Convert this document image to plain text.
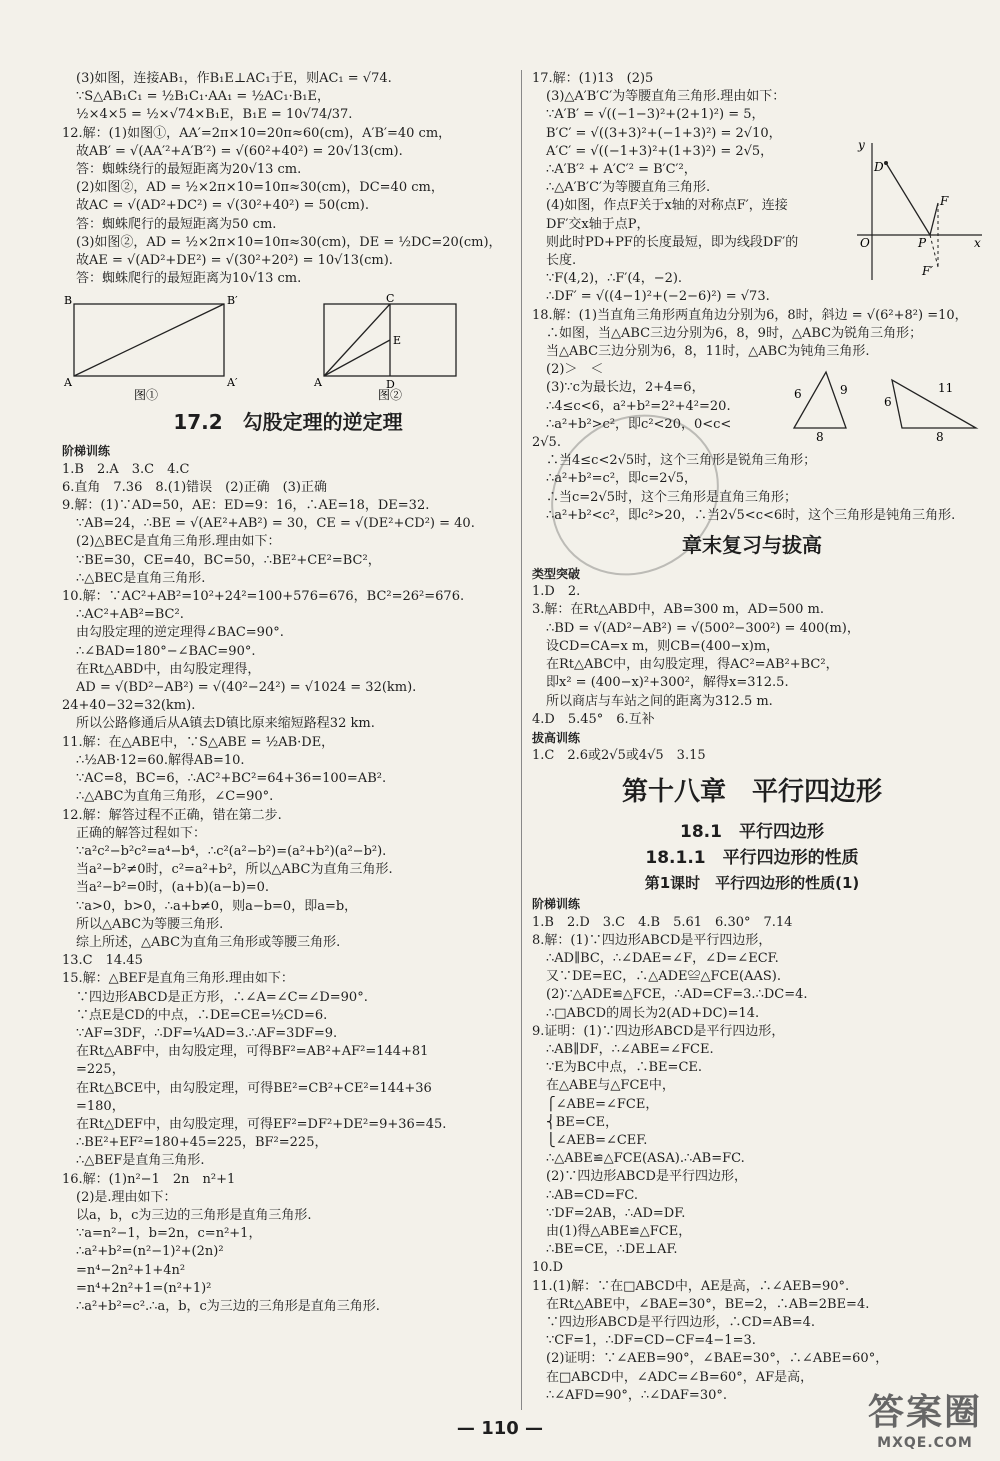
(3)如图，连接AB₁，作B₁E⊥AC₁于E，则AC₁ = √74.
∵S△AB₁C₁ = ½B₁C₁·AA₁ = ½AC₁·B₁E，
½×4×5 = ½×√74×B₁E，B₁E = 10√74/37.
12.解：(1)如图①，AA′=2π×10=20π≈60(cm)，A′B′=40 cm，
故AB′ = √(AA′²+A′B′²) = √(60²+40²) = 20√13(cm).
答：蜘蛛绕行的最短距离为20√13 cm.
(2)如图②，AD = ½×2π×10=10π≈30(cm)，DC=40 cm，
故AC = √(AD²+DC²) = √(30²+40²) = 50(cm).
答：蜘蛛爬行的最短距离为50 cm.
(3)如图②，AD = ½×2π×10=10π≈30(cm)，DE = ½DC=20(cm)，
故AE = √(AD²+DE²) = √(30²+20²) = 10√13(cm).
答：蜘蛛爬行的最短距离为10√13 cm.
B	B′
A	A′
图①
C
E
A	D
图②
17.2　勾股定理的逆定理
阶梯训练
1.B　2.A　3.C　4.C
6.直角　7.36　8.(1)错误　(2)正确　(3)正确
9.解：(1)∵AD=50，AE：ED=9：16，∴AE=18，DE=32.
∵AB=24，∴BE = √(AE²+AB²) = 30，CE = √(DE²+CD²) = 40.
(2)△BEC是直角三角形.理由如下：
∵BE=30，CE=40，BC=50，∴BE²+CE²=BC²，
∴△BEC是直角三角形.
10.解：∵AC²+AB²=10²+24²=100+576=676，BC²=26²=676.
∴AC²+AB²=BC².
由勾股定理的逆定理得∠BAC=90°.
∴∠BAD=180°−∠BAC=90°.
在Rt△ABD中，由勾股定理得，
AD = √(BD²−AB²) = √(40²−24²) = √1024 = 32(km).
24+40−32=32(km).
所以公路修通后从A镇去D镇比原来缩短路程32 km.
11.解：在△ABE中，∵S△ABE = ½AB·DE，
∴½AB·12=60.解得AB=10.
∵AC=8，BC=6，∴AC²+BC²=64+36=100=AB².
∴△ABC为直角三角形，∠C=90°.
12.解：解答过程不正确，错在第二步.
正确的解答过程如下：
∵a²c²−b²c²=a⁴−b⁴，∴c²(a²−b²)=(a²+b²)(a²−b²).
当a²−b²≠0时，c²=a²+b²，所以△ABC为直角三角形.
当a²−b²=0时，(a+b)(a−b)=0.
∵a>0，b>0，∴a+b≠0，则a−b=0，即a=b，
所以△ABC为等腰三角形.
综上所述，△ABC为直角三角形或等腰三角形.
13.C　14.45
15.解：△BEF是直角三角形.理由如下：
∵四边形ABCD是正方形，∴∠A=∠C=∠D=90°.
∵点E是CD的中点，∴DE=CE=½CD=6.
∵AF=3DF，∴DF=¼AD=3.∴AF=3DF=9.
在Rt△ABF中，由勾股定理，可得BF²=AB²+AF²=144+81
=225，
在Rt△BCE中，由勾股定理，可得BE²=CB²+CE²=144+36
=180，
在Rt△DEF中，由勾股定理，可得EF²=DF²+DE²=9+36=45.
∴BE²+EF²=180+45=225，BF²=225，
∴△BEF是直角三角形.
16.解：(1)n²−1　2n　n²+1
(2)是.理由如下：
以a，b，c为三边的三角形是直角三角形.
∵a=n²−1，b=2n，c=n²+1，
∴a²+b²=(n²−1)²+(2n)²
=n⁴−2n²+1+4n²
=n⁴+2n²+1=(n²+1)²
∴a²+b²=c².∴a，b，c为三边的三角形是直角三角形.
17.解：(1)13　(2)5
(3)△A′B′C′为等腰直角三角形.理由如下：
∵A′B′ = √((−1−3)²+(2+1)²) = 5，
B′C′ = √((3+3)²+(−1+3)²) = 2√10，
A′C′ = √((−1+3)²+(1+3)²) = 2√5，
∴A′B′² + A′C′² = B′C′²，
∴△A′B′C′为等腰直角三角形.
(4)如图，作点F关于x轴的对称点F′，连接
DF′交x轴于点P，
则此时PD+PF的长度最短，即为线段DF′的
长度.
∵F(4,2)，∴F′(4，−2).
∴DF′ = √((4−1)²+(−2−6)²) = √73.
18.解：(1)当直角三角形两直角边分别为6，8时，斜边 = √(6²+8²) =10，
∴如图，当△ABC三边分别为6，8，9时，△ABC为锐角三角形；
当△ABC三边分别为6，8，11时，△ABC为钝角三角形.
(2)＞　＜
(3)∵c为最长边，2+4=6，
∴4≤c<6，a²+b²=2²+4²=20.
∴a²+b²>c²，即c²<20，0<c<
2√5.
∴当4≤c<2√5时，这个三角形是锐角三角形；
∴a²+b²=c²，即c=2√5，
∴当c=2√5时，这个三角形是直角三角形；
∴a²+b²<c²，即c²>20，∴当2√5<c<6时，这个三角形是钝角三角形.
章末复习与拔高
类型突破
1.D　2.
3.解：在Rt△ABD中，AB=300 m，AD=500 m.
∴BD = √(AD²−AB²) = √(500²−300²) = 400(m)，
设CD=CA=x m，则CB=(400−x)m，
在Rt△ABC中，由勾股定理，得AC²=AB²+BC²，
即x² = (400−x)²+300²，解得x=312.5.
所以商店与车站之间的距离为312.5 m.
4.D　5.45°　6.互补
拔高训练
1.C　2.6或2√5或4√5　3.15
第十八章　平行四边形
18.1　平行四边形
18.1.1　平行四边形的性质
第1课时　平行四边形的性质(1)
阶梯训练
1.B　2.D　3.C　4.B　5.61　6.30°　7.14
8.解：(1)∵四边形ABCD是平行四边形，
∴AD∥BC，∴∠DAE=∠F，∠D=∠ECF.
又∵DE=EC，∴△ADE≌△FCE(AAS).
(2)∵△ADE≌△FCE，∴AD=CF=3.∴DC=4.
∴□ABCD的周长为2(AD+DC)=14.
9.证明：(1)∵四边形ABCD是平行四边形，
∴AB∥DF，∴∠ABE=∠FCE.
∵E为BC中点，∴BE=CE.
在△ABE与△FCE中，
⎧∠ABE=∠FCE，
⎨BE=CE，
⎩∠AEB=∠CEF.
∴△ABE≌△FCE(ASA).∴AB=FC.
(2)∵四边形ABCD是平行四边形，
∴AB=CD=FC.
∵DF=2AB，∴AD=DF.
由(1)得△ABE≌△FCE，
∴BE=CE，∴DE⊥AF.
10.D
11.(1)解：∵在□ABCD中，AE是高，∴∠AEB=90°.
在Rt△ABE中，∠BAE=30°，BE=2，∴AB=2BE=4.
∵四边形ABCD是平行四边形，∴CD=AB=4.
∵CF=1，∴DF=CD−CF=4−1=3.
(2)证明：∵∠AEB=90°，∠BAE=30°，∴∠ABE=60°，
在□ABCD中，∠ADC=∠B=60°，AF是高，
∴∠AFD=90°，∴∠DAF=30°.
y
x
O
D
F
P
F′
6	9
8
6
11
8
— 110 —	答案圈
MXQE.COM
